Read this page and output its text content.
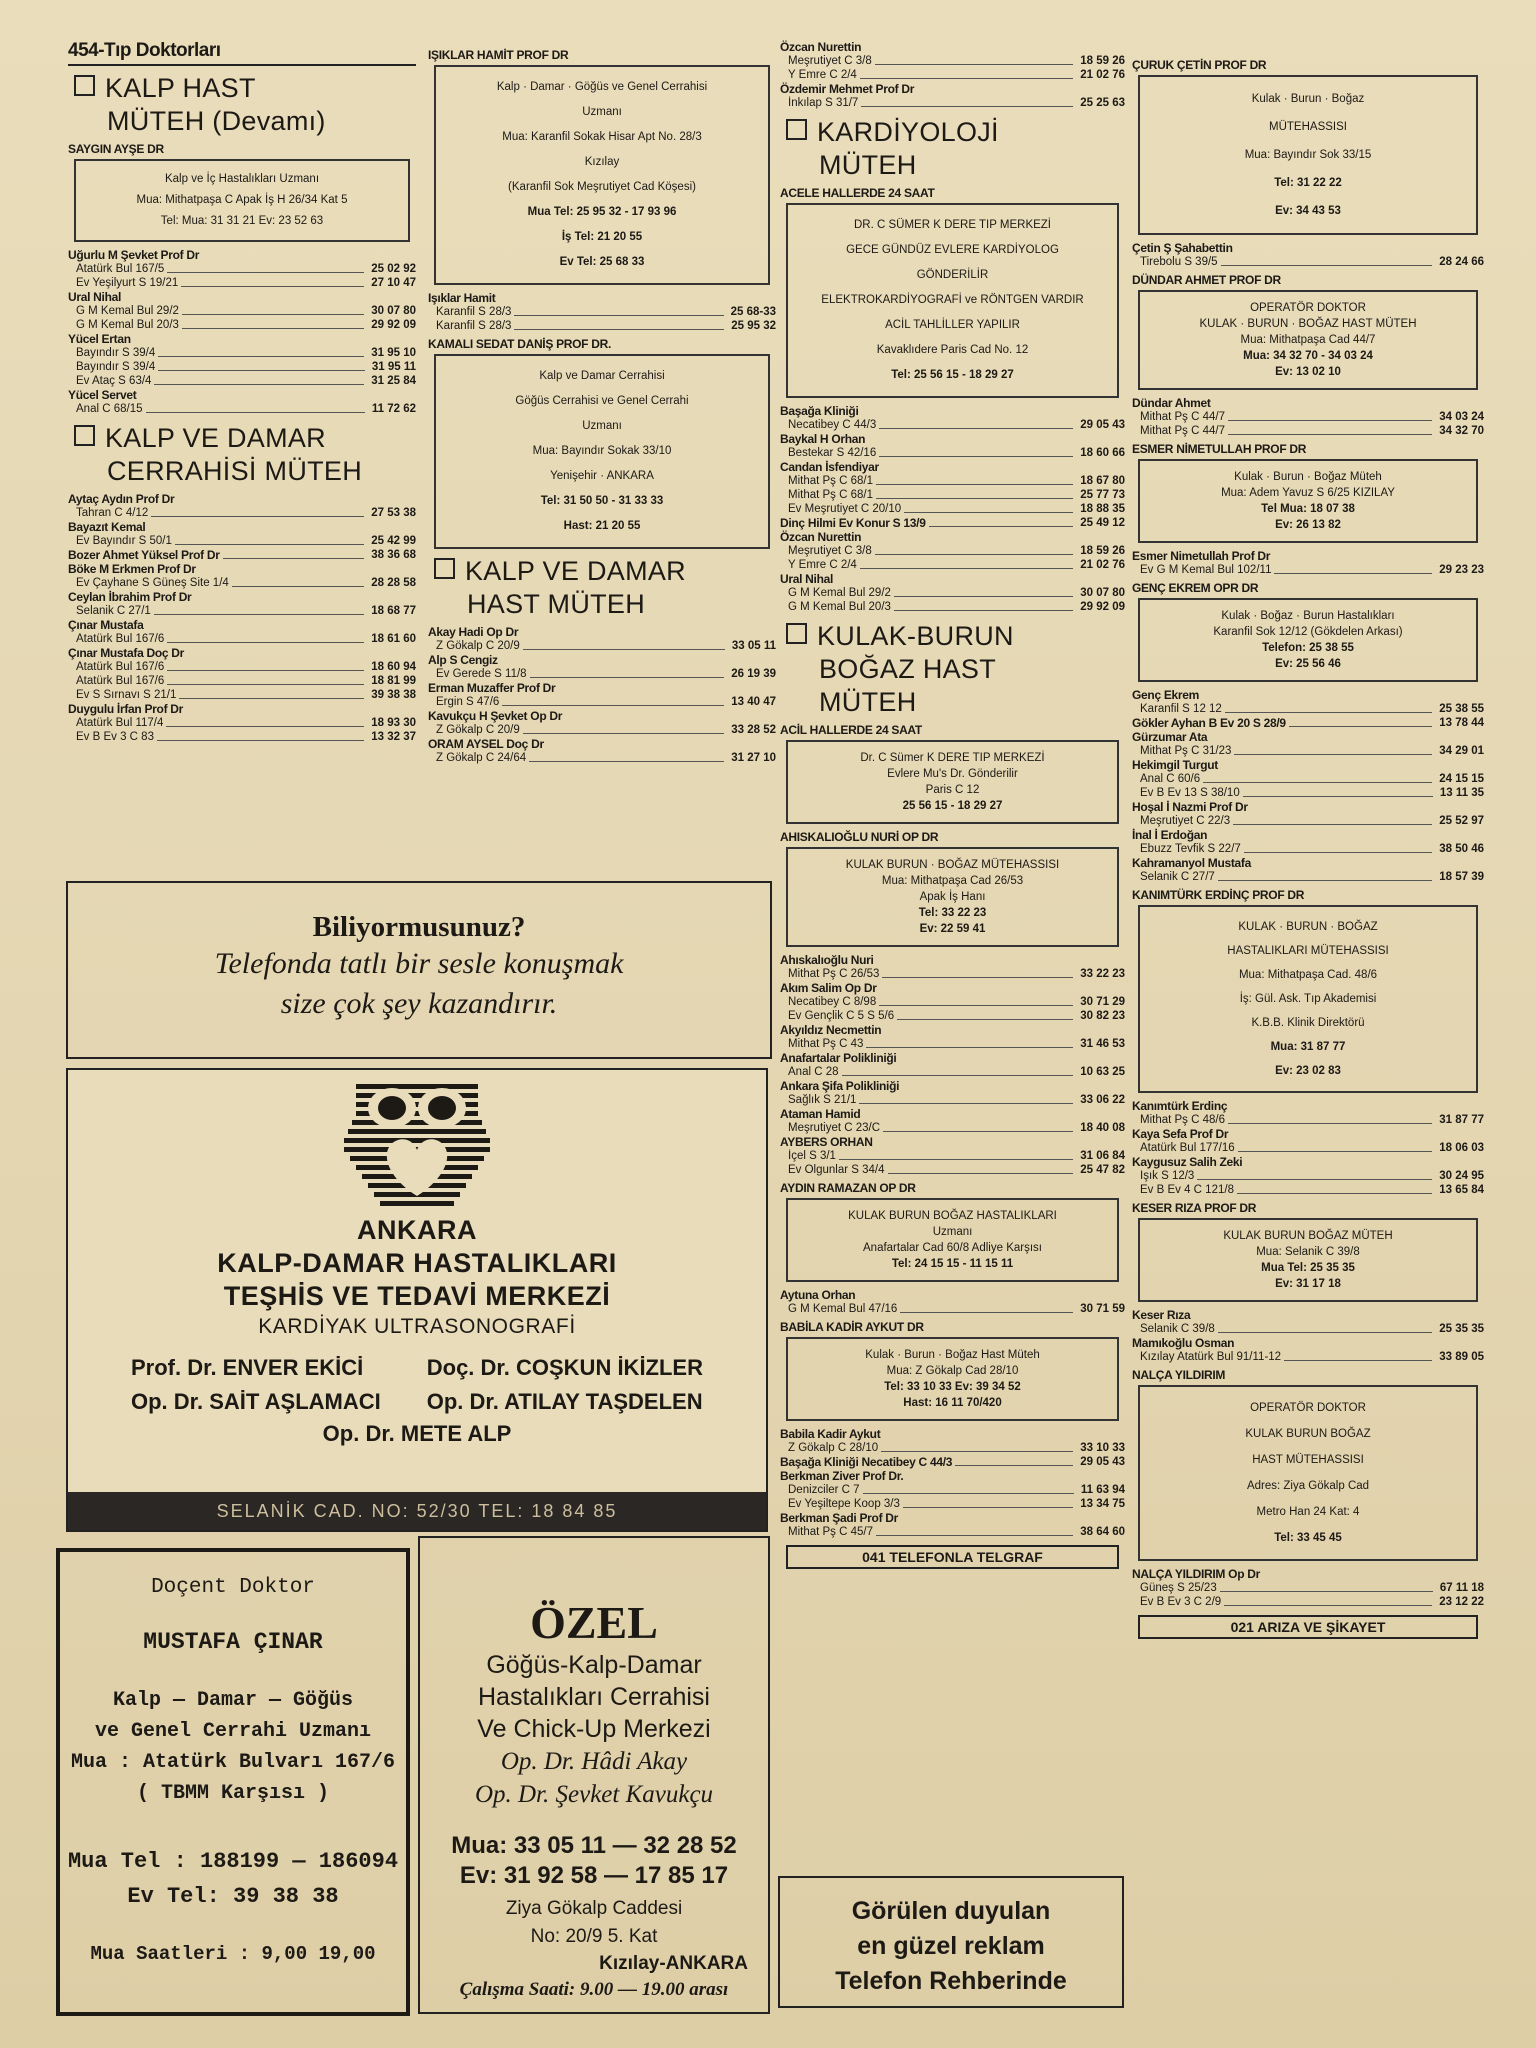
454-Tıp Doktorları
KALP HAST
MÜTEH (Devamı)
SAYGIN AYŞE DR
Kalp ve İç Hastalıkları Uzmanı
Mua: Mithatpaşa C Apak İş H 26/34 Kat 5
Tel: Mua: 31 31 21 Ev: 23 52 63
Uğurlu M Şevket Prof Dr
Atatürk Bul 167/5	25 02 92
Ev Yeşilyurt S 19/21	27 10 47
Ural Nihal
G M Kemal Bul 29/2	30 07 80
G M Kemal Bul 20/3	29 92 09
Yücel Ertan
Bayındır S 39/4	31 95 10
Bayındır S 39/4	31 95 11
Ev Ataç S 63/4	31 25 84
Yücel Servet
Anal C 68/15	11 72 62
KALP VE DAMAR
CERRAHİSİ MÜTEH
Aytaç Aydın Prof Dr
Tahran C 4/12	27 53 38
Bayazıt Kemal
Ev Bayındır S 50/1	25 42 99
Bozer Ahmet Yüksel Prof Dr	38 36 68
Böke M Erkmen Prof Dr
Ev Çayhane S Güneş Site 1/4	28 28 58
Ceylan İbrahim Prof Dr
Selanik C 27/1	18 68 77
Çınar Mustafa
Atatürk Bul 167/6	18 61 60
Çınar Mustafa Doç Dr
Atatürk Bul 167/6	18 60 94
Atatürk Bul 167/6	18 81 99
Ev S Sırnavı S 21/1	39 38 38
Duygulu İrfan Prof Dr
Atatürk Bul 117/4	18 93 30
Ev B Ev 3 C 83	13 32 37
IŞIKLAR HAMİT PROF DR
Kalp · Damar · Göğüs ve Genel Cerrahisi
Uzmanı
Mua: Karanfil Sokak Hisar Apt No. 28/3
Kızılay
(Karanfil Sok Meşrutiyet Cad Köşesi)
Mua Tel: 25 95 32 - 17 93 96
İş Tel: 21 20 55
Ev Tel: 25 68 33
Işıklar Hamit
Karanfil S 28/3	25 68-33
Karanfil S 28/3	25 95 32
KAMALI SEDAT DANİŞ PROF DR.
Kalp ve Damar Cerrahisi
Göğüs Cerrahisi ve Genel Cerrahi
Uzmanı
Mua: Bayındır Sokak 33/10
Yenişehir · ANKARA
Tel: 31 50 50 - 31 33 33
Hast: 21 20 55
KALP VE DAMAR
HAST MÜTEH
Akay Hadi Op Dr
Z Gökalp C 20/9	33 05 11
Alp S Cengiz
Ev Gerede S 11/8	26 19 39
Erman Muzaffer Prof Dr
Ergin S 47/6	13 40 47
Kavukçu H Şevket Op Dr
Z Gökalp C 20/9	33 28 52
ORAM AYSEL Doç Dr
Z Gökalp C 24/64	31 27 10
Özcan Nurettin
Meşrutiyet C 3/8	18 59 26
Y Emre C 2/4	21 02 76
Özdemir Mehmet Prof Dr
İnkılap S 31/7	25 25 63
KARDİYOLOJİ
MÜTEH
ACELE HALLERDE 24 SAAT
DR. C SÜMER K DERE TIP MERKEZİ
GECE GÜNDÜZ EVLERE KARDİYOLOG
GÖNDERİLİR
ELEKTROKARDİYOGRAFİ ve RÖNTGEN VARDIR
ACİL TAHLİLLER YAPILIR
Kavaklıdere Paris Cad No. 12
Tel: 25 56 15 - 18 29 27
Başağa Kliniği
Necatibey C 44/3	29 05 43
Baykal H Orhan
Bestekar S 42/16	18 60 66
Candan İsfendiyar
Mithat Pş C 68/1	18 67 80
Mithat Pş C 68/1	25 77 73
Ev Meşrutiyet C 20/10	18 88 35
Dinç Hilmi Ev Konur S 13/9	25 49 12
Özcan Nurettin
Meşrutiyet C 3/8	18 59 26
Y Emre C 2/4	21 02 76
Ural Nihal
G M Kemal Bul 29/2	30 07 80
G M Kemal Bul 20/3	29 92 09
KULAK-BURUN
BOĞAZ HAST
MÜTEH
ACİL HALLERDE 24 SAAT
Dr. C Sümer K DERE TIP MERKEZİ
Evlere Mu's Dr. Gönderilir
Paris C 12
25 56 15 - 18 29 27
AHISKALIOĞLU NURİ OP DR
KULAK BURUN · BOĞAZ MÜTEHASSISI
Mua: Mithatpaşa Cad 26/53
Apak İş Hanı
Tel: 33 22 23
Ev: 22 59 41
Ahıskalıoğlu Nuri
Mithat Pş C 26/53	33 22 23
Akım Salim Op Dr
Necatibey C 8/98	30 71 29
Ev Gençlik C 5 S 5/6	30 82 23
Akyıldız Necmettin
Mithat Pş C 43	31 46 53
Anafartalar Polikliniği
Anal C 28	10 63 25
Ankara Şifa Polikliniği
Sağlık S 21/1	33 06 22
Ataman Hamid
Meşrutiyet C 23/C	18 40 08
AYBERS ORHAN
İçel S 3/1	31 06 84
Ev Olgunlar S 34/4	25 47 82
AYDIN RAMAZAN OP DR
KULAK BURUN BOĞAZ HASTALIKLARI
Uzmanı
Anafartalar Cad 60/8 Adliye Karşısı
Tel: 24 15 15 - 11 15 11
Aytuna Orhan
G M Kemal Bul 47/16	30 71 59
BABİLA KADİR AYKUT DR
Kulak · Burun · Boğaz Hast Müteh
Mua: Z Gökalp Cad 28/10
Tel: 33 10 33 Ev: 39 34 52
Hast: 16 11 70/420
Babila Kadir Aykut
Z Gökalp C 28/10	33 10 33
Başağa Kliniği Necatibey C 44/3	29 05 43
Berkman Ziver Prof Dr.
Denizciler C 7	11 63 94
Ev Yeşiltepe Koop 3/3	13 34 75
Berkman Şadi Prof Dr
Mithat Pş C 45/7	38 64 60
041 TELEFONLA TELGRAF
ÇURUK ÇETİN PROF DR
Kulak · Burun · Boğaz
MÜTEHASSISI
Mua: Bayındır Sok 33/15
Tel: 31 22 22
Ev: 34 43 53
Çetin Ş Şahabettin
Tirebolu S 39/5	28 24 66
DÜNDAR AHMET PROF DR
OPERATÖR DOKTOR
KULAK · BURUN · BOĞAZ HAST MÜTEH
Mua: Mithatpaşa Cad 44/7
Mua: 34 32 70 - 34 03 24
Ev: 13 02 10
Dündar Ahmet
Mithat Pş C 44/7	34 03 24
Mithat Pş C 44/7	34 32 70
ESMER NİMETULLAH PROF DR
Kulak · Burun · Boğaz Müteh
Mua: Adem Yavuz S 6/25 KIZILAY
Tel Mua: 18 07 38
Ev: 26 13 82
Esmer Nimetullah Prof Dr
Ev G M Kemal Bul 102/11	29 23 23
GENÇ EKREM OPR DR
Kulak · Boğaz · Burun Hastalıkları
Karanfil Sok 12/12 (Gökdelen Arkası)
Telefon: 25 38 55
Ev: 25 56 46
Genç Ekrem
Karanfil S 12 12	25 38 55
Gökler Ayhan B Ev 20 S 28/9	13 78 44
Gürzumar Ata
Mithat Pş C 31/23	34 29 01
Hekimgil Turgut
Anal C 60/6	24 15 15
Ev B Ev 13 S 38/10	13 11 35
Hoşal İ Nazmi Prof Dr
Meşrutiyet C 22/3	25 52 97
İnal İ Erdoğan
Ebuzz Tevfik S 22/7	38 50 46
Kahramanyol Mustafa
Selanik C 27/7	18 57 39
KANIMTÜRK ERDİNÇ PROF DR
KULAK · BURUN · BOĞAZ
HASTALIKLARI MÜTEHASSISI
Mua: Mithatpaşa Cad. 48/6
İş: Gül. Ask. Tıp Akademisi
K.B.B. Klinik Direktörü
Mua: 31 87 77
Ev: 23 02 83
Kanımtürk Erdinç
Mithat Pş C 48/6	31 87 77
Kaya Sefa Prof Dr
Atatürk Bul 177/16	18 06 03
Kaygusuz Salih Zeki
Işık S 12/3	30 24 95
Ev B Ev 4 C 121/8	13 65 84
KESER RIZA PROF DR
KULAK BURUN BOĞAZ MÜTEH
Mua: Selanik C 39/8
Mua Tel: 25 35 35
Ev: 31 17 18
Keser Rıza
Selanik C 39/8	25 35 35
Mamıkoğlu Osman
Kızılay Atatürk Bul 91/11-12	33 89 05
NALÇA YILDIRIM
OPERATÖR DOKTOR
KULAK BURUN BOĞAZ
HAST MÜTEHASSISI
Adres: Ziya Gökalp Cad
Metro Han 24 Kat: 4
Tel: 33 45 45
NALÇA YILDIRIM Op Dr
Güneş S 25/23	67 11 18
Ev B Ev 3 C 2/9	23 12 22
021 ARIZA VE ŞİKAYET
Biliyormusunuz?
Telefonda tatlı bir sesle konuşmak
size çok şey kazandırır.
ANKARA
KALP-DAMAR HASTALIKLARI
TEŞHİS VE TEDAVİ MERKEZİ
KARDİYAK ULTRASONOGRAFİ
Prof. Dr. ENVER EKİCİ
Op. Dr. SAİT AŞLAMACI
Doç. Dr. COŞKUN İKİZLER
Op. Dr. ATILAY TAŞDELEN
Op. Dr. METE ALP
SELANİK CAD. NO: 52/30 TEL: 18 84 85
Doçent Doktor
MUSTAFA ÇINAR
Kalp — Damar — Göğüs
ve Genel Cerrahi Uzmanı
Mua : Atatürk Bulvarı 167/6
( TBMM Karşısı )
Mua Tel : 188199 — 186094
Ev Tel: 39 38 38
Mua Saatleri : 9,00 19,00
ÖZEL
Göğüs-Kalp-Damar
Hastalıkları Cerrahisi
Ve Chick-Up Merkezi
Op. Dr. Hâdi Akay
Op. Dr. Şevket Kavukçu
Mua: 33 05 11 — 32 28 52
Ev: 31 92 58 — 17 85 17
Ziya Gökalp Caddesi
No: 20/9 5. Kat
Kızılay-ANKARA
Çalışma Saati: 9.00 — 19.00 arası
Görülen duyulan
en güzel reklam
Telefon Rehberinde
